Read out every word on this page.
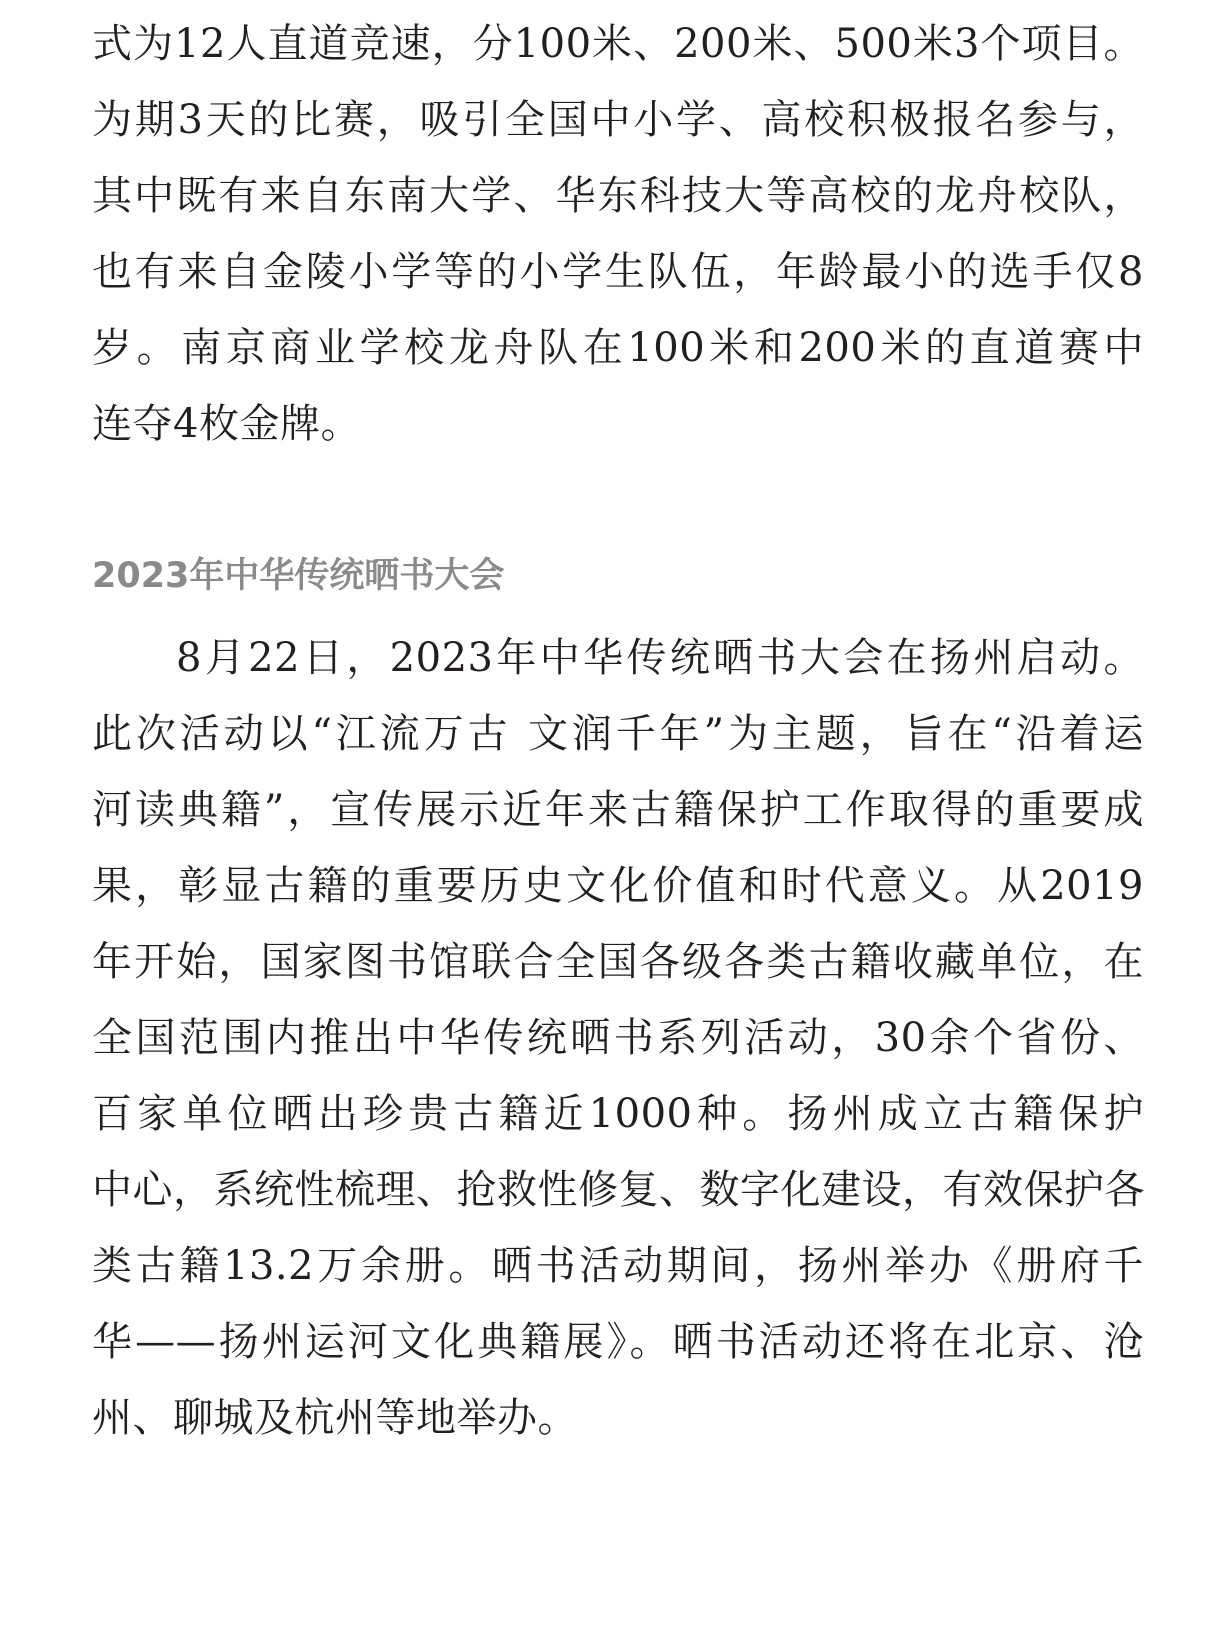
式为12人直道竞速，分100米、200米、500米3个项目。
为期3天的比赛，吸引全国中小学、高校积极报名参与，
其中既有来自东南大学、华东科技大等高校的龙舟校队，
也有来自金陵小学等的小学生队伍，年龄最小的选手仅8
岁。南京商业学校龙舟队在100米和200米的直道赛中
连夺4枚金牌。
2023年中华传统晒书大会
8月22日，2023年中华传统晒书大会在扬州启动。
此次活动以“江流万古 文润千年”为主题，旨在“沿着运
河读典籍”，宣传展示近年来古籍保护工作取得的重要成
果，彰显古籍的重要历史文化价值和时代意义。从2019
年开始，国家图书馆联合全国各级各类古籍收藏单位，在
全国范围内推出中华传统晒书系列活动，30余个省份、
百家单位晒出珍贵古籍近1000种。扬州成立古籍保护
中心，系统性梳理、抢救性修复、数字化建设，有效保护各
类古籍13.2万余册。晒书活动期间，扬州举办《册府千
华——扬州运河文化典籍展》。晒书活动还将在北京、沧
州、聊城及杭州等地举办。
